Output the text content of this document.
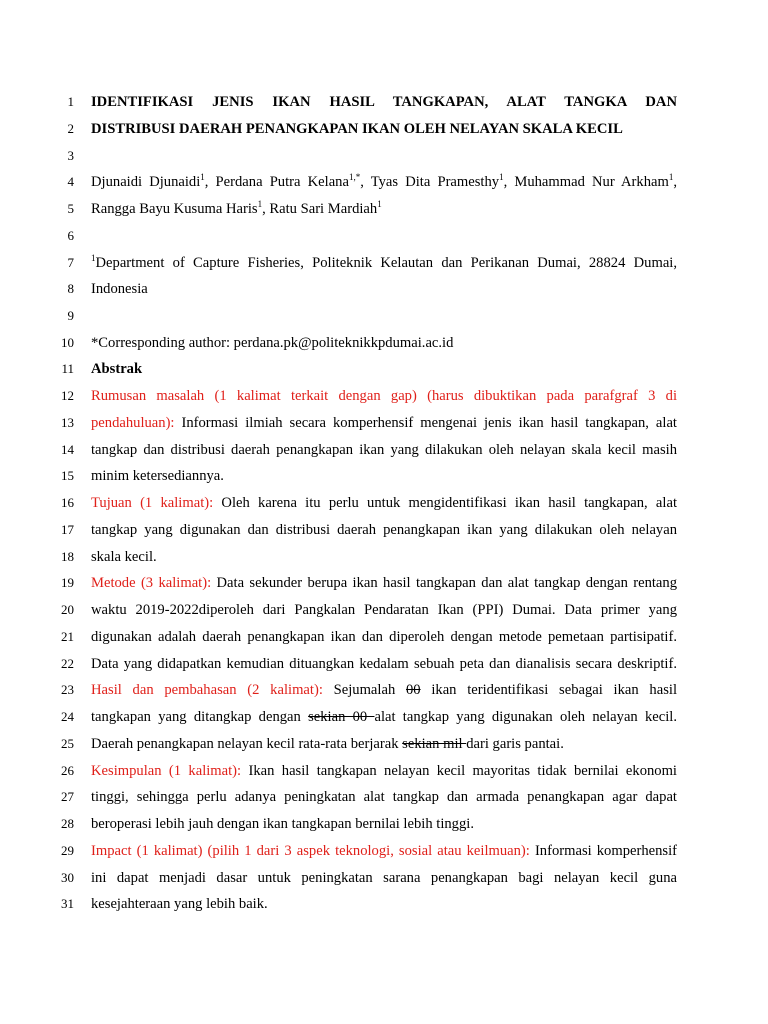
1 IDENTIFIKASI JENIS IKAN HASIL TANGKAPAN, ALAT TANGKA DAN
2 DISTRIBUSI DAERAH PENANGKAPAN IKAN OLEH NELAYAN SKALA KECIL
3
4 Djunaidi Djunaidi$^1$, Perdana Putra Kelana$^{1,*}$, Tyas Dita Pramesthy$^1$, Muhammad Nur Arkham$^1$,
5 Rangga Bayu Kusuma Haris$^1$, Ratu Sari Mardiah$^1$
6
7 $^1$Department of Capture Fisheries, Politeknik Kelautan dan Perikanan Dumai, 28824 Dumai,
8 Indonesia
9
10 *Corresponding author: perdana.pk@politeknikkpdumai.ac.id
11 Abstrak
12 Rumusan masalah (1 kalimat terkait dengan gap) (harus dibuktikan pada parafgraf 3 di
13 pendahuluan): Informasi ilmiah secara komperhensif mengenai jenis ikan hasil tangkapan, alat
14 tangkap dan distribusi daerah penangkapan ikan yang dilakukan oleh nelayan skala kecil masih
15 minim ketersediannya.
16 Tujuan (1 kalimat): Oleh karena itu perlu untuk mengidentifikasi ikan hasil tangkapan, alat
17 tangkap yang digunakan dan distribusi daerah penangkapan ikan yang dilakukan oleh nelayan
18 skala kecil.
19 Metode (3 kalimat): Data sekunder berupa ikan hasil tangkapan dan alat tangkap dengan rentang
20 waktu 2019-2022diperoleh dari Pangkalan Pendaratan Ikan (PPI) Dumai. Data primer yang
21 digunakan adalah daerah penangkapan ikan dan diperoleh dengan metode pemetaan partisipatif.
22 Data yang didapatkan kemudian dituangkan kedalam sebuah peta dan dianalisis secara deskriptif.
23 Hasil dan pembahasan (2 kalimat): Sejumalah 00 ikan teridentifikasi sebagai ikan hasil
24 tangkapan yang ditangkap dengan sekian 00 alat tangkap yang digunakan oleh nelayan kecil.
25 Daerah penangkapan nelayan kecil rata-rata berjarak sekian mil dari garis pantai.
26 Kesimpulan (1 kalimat): Ikan hasil tangkapan nelayan kecil mayoritas tidak bernilai ekonomi
27 tinggi, sehingga perlu adanya peningkatan alat tangkap dan armada penangkapan agar dapat
28 beroperasi lebih jauh dengan ikan tangkapan bernilai lebih tinggi.
29 Impact (1 kalimat) (pilih 1 dari 3 aspek teknologi, sosial atau keilmuan): Informasi komperhensif
30 ini dapat menjadi dasar untuk peningkatan sarana penangkapan bagi nelayan kecil guna
31 kesejahteraan yang lebih baik.
